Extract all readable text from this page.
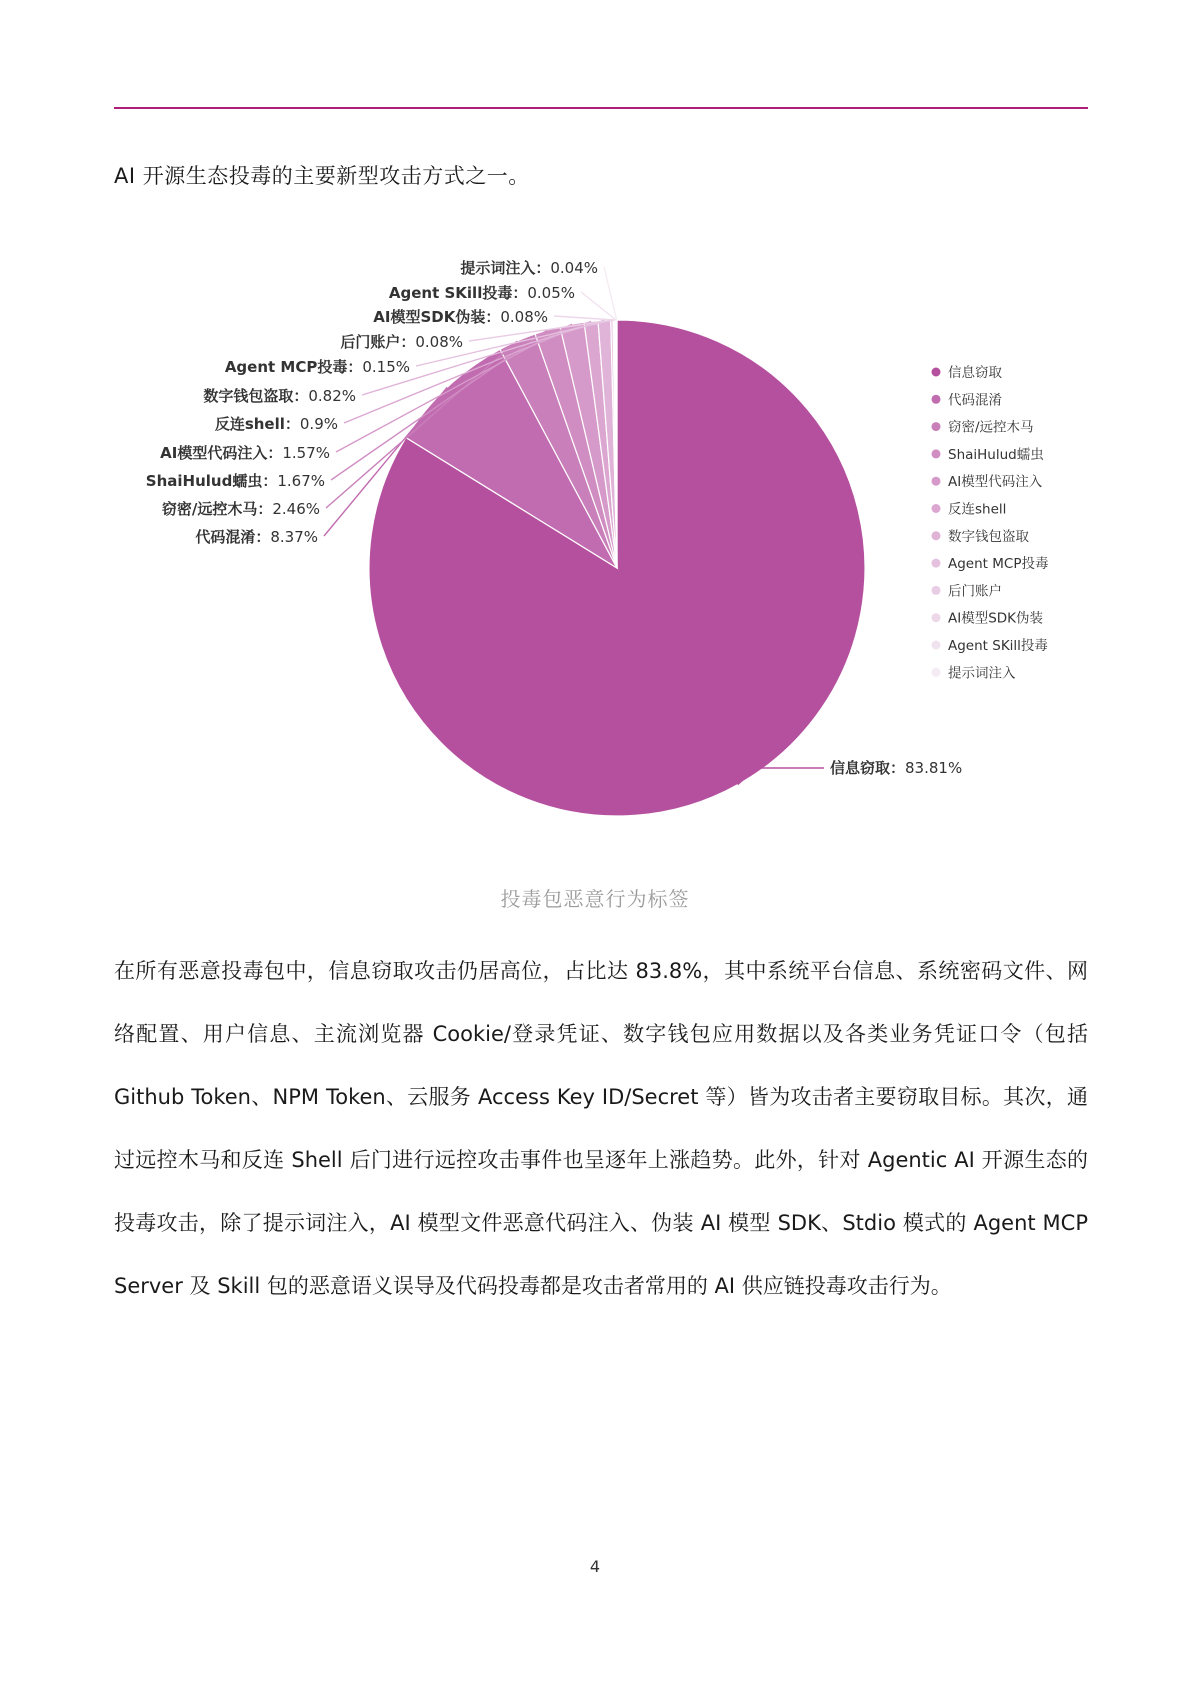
AI 开源生态投毒的主要新型攻击方式之一。
信息窃取：83.81%
代码混淆：8.37%
窃密/远控木马：2.46%
ShaiHulud蠕虫：1.67%
AI模型代码注入：1.57%
反连shell：0.9%
数字钱包盗取：0.82%
Agent MCP投毒：0.15%
后门账户：0.08%
AI模型SDK伪装：0.08%
Agent SKill投毒：0.05%
提示词注入：0.04%
信息窃取
代码混淆
窃密/远控木马
ShaiHulud蠕虫
AI模型代码注入
反连shell
数字钱包盗取
Agent MCP投毒
后门账户
AI模型SDK伪装
Agent SKill投毒
提示词注入
投毒包恶意行为标签
在所有恶意投毒包中，信息窃取攻击仍居高位，占比达 83.8%，其中系统平台信息、系统密码文件、网络配置、用户信息、主流浏览器 Cookie/登录凭证、数字钱包应用数据以及各类业务凭证口令（包括 Github Token、NPM Token、云服务 Access Key ID/Secret 等）皆为攻击者主要窃取目标。其次，通过远控木马和反连 Shell 后门进行远控攻击事件也呈逐年上涨趋势。此外，针对 Agentic AI 开源生态的投毒攻击，除了提示词注入，AI 模型文件恶意代码注入、伪装 AI 模型 SDK、Stdio 模式的 Agent MCP Server 及 Skill 包的恶意语义误导及代码投毒都是攻击者常用的 AI 供应链投毒攻击行为。
4
